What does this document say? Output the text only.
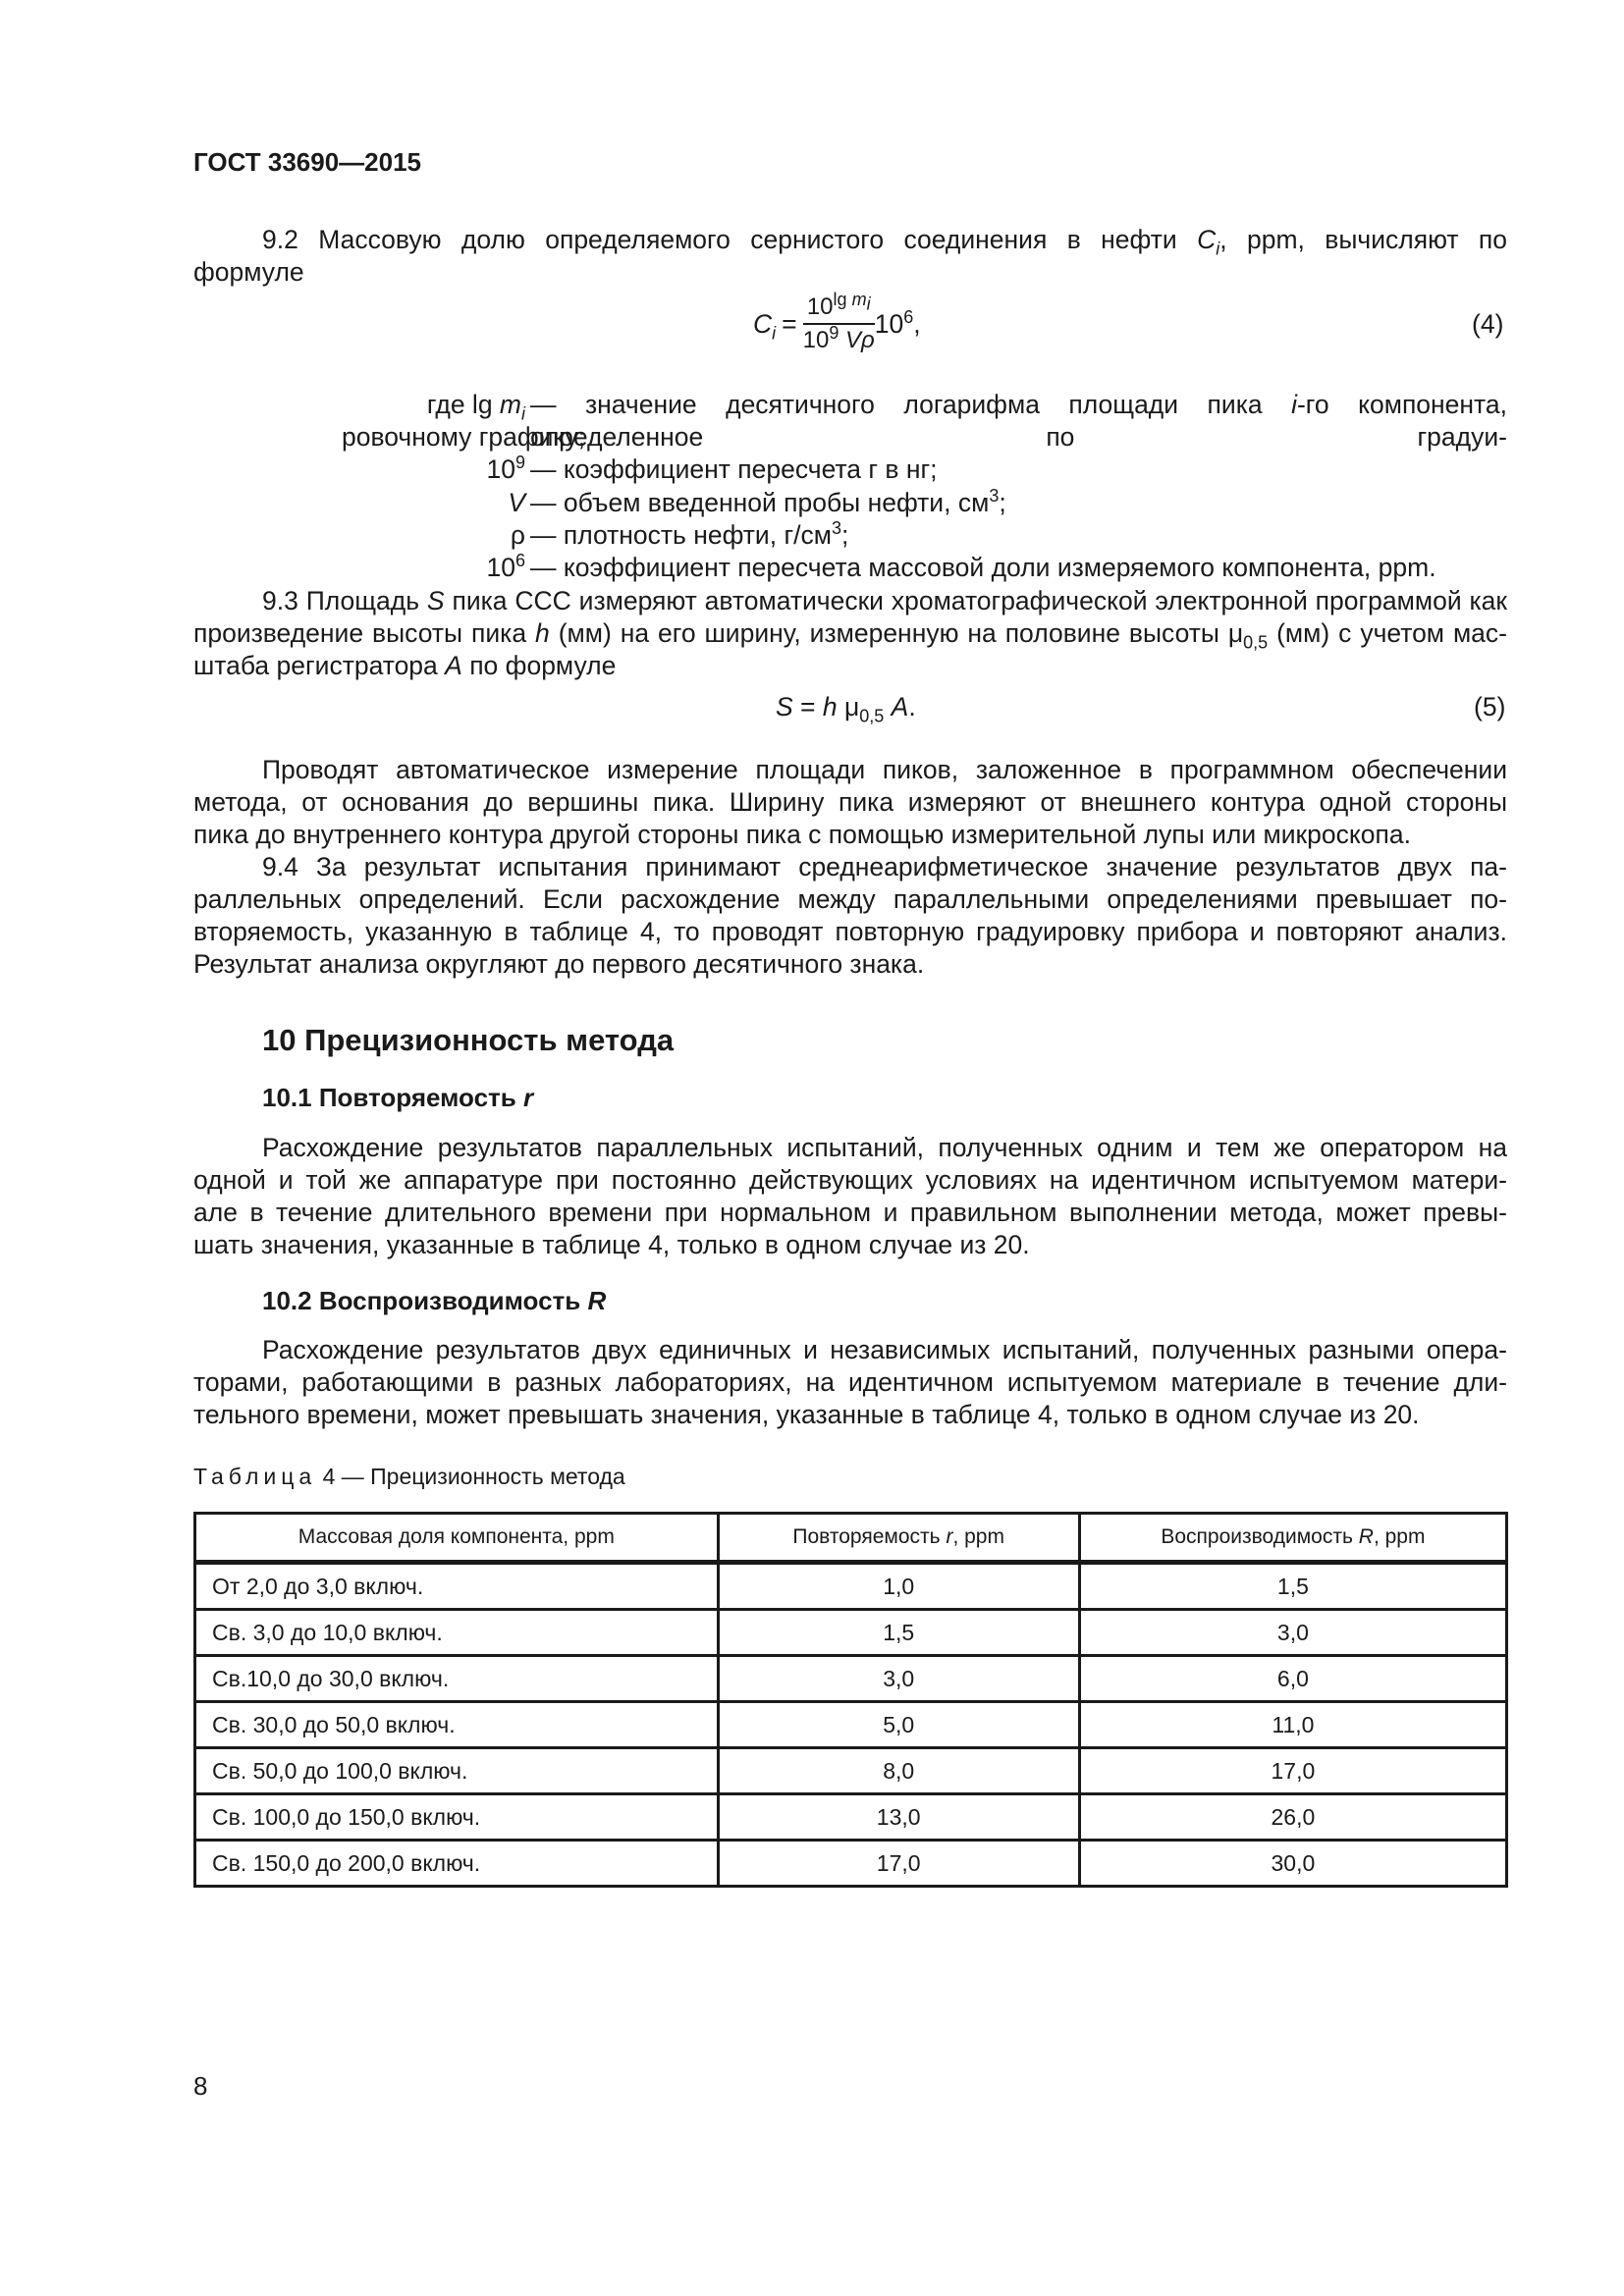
ГОСТ 33690—2015
9.2 Массовую долю определяемого сернистого соединения в нефти $C_i$, ppm, вычисляют по
формуле
$C_i = \frac{10^{lg m_i}}{10^9 V\rho} 10^6$,	(4)
где $\lg m_i$ — значение десятичного логарифма площади пика i-го компонента, определенное по градуи-
ровочному графику;
$10^9$ — коэффициент пересчета г в нг;
V — объем введенной пробы нефти, $см^3$;
ρ — плотность нефти, $г/см^3$;
$10^6$ — коэффициент пересчета массовой доли измеряемого компонента, ppm.
9.3 Площадь S пика ССС измеряют автоматически хроматографической электронной программой как
произведение высоты пика h (мм) на его ширину, измеренную на половине высоты $\mu_{0,5}$ (мм) с учетом мас-
штаба регистратора A по формуле
S = h $\mu_{0,5}$ A.	(5)
Проводят автоматическое измерение площади пиков, заложенное в программном обеспечении
метода, от основания до вершины пика. Ширину пика измеряют от внешнего контура одной стороны
пика до внутреннего контура другой стороны пика с помощью измерительной лупы или микроскопа.
9.4 За результат испытания принимают среднеарифметическое значение результатов двух па-
раллельных определений. Если расхождение между параллельными определениями превышает по-
вторяемость, указанную в таблице 4, то проводят повторную градуировку прибора и повторяют анализ.
Результат анализа округляют до первого десятичного знака.
10 Прецизионность метода
10.1 Повторяемость r
Расхождение результатов параллельных испытаний, полученных одним и тем же оператором на
одной и той же аппаратуре при постоянно действующих условиях на идентичном испытуемом матери-
але в течение длительного времени при нормальном и правильном выполнении метода, может превы-
шать значения, указанные в таблице 4, только в одном случае из 20.
10.2 Воспроизводимость R
Расхождение результатов двух единичных и независимых испытаний, полученных разными опера-
торами, работающими в разных лабораториях, на идентичном испытуемом материале в течение дли-
тельного времени, может превышать значения, указанные в таблице 4, только в одном случае из 20.
Таблица 4 — Прецизионность метода
Массовая доля компонента, ppm	Повторяемость r, ppm	Воспроизводимость R, ppm
От 2,0 до 3,0 включ.	1,0	1,5
Св. 3,0 до 10,0 включ.	1,5	3,0
Св.10,0 до 30,0 включ.	3,0	6,0
Св. 30,0 до 50,0 включ.	5,0	11,0
Св. 50,0 до 100,0 включ.	8,0	17,0
Св. 100,0 до 150,0 включ.	13,0	26,0
Св. 150,0 до 200,0 включ.	17,0	30,0
8
